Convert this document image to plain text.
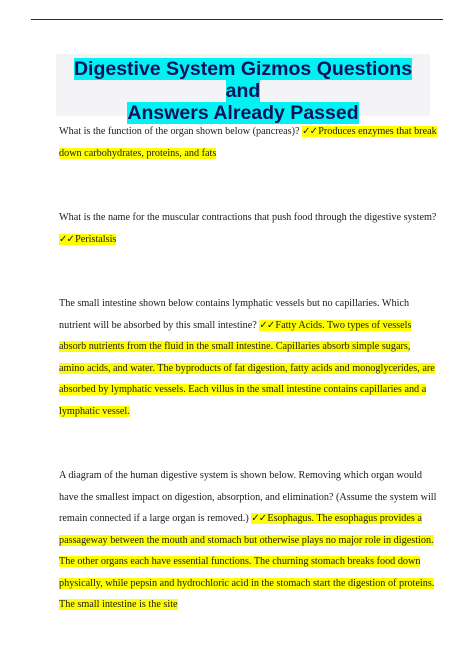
Digestive System Gizmos Questions and
Answers Already Passed

What is the function of the organ shown below (pancreas)? ✓✓Produces enzymes that break down carbohydrates, proteins, and fats

What is the name for the muscular contractions that push food through the digestive system? ✓✓Peristalsis

The small intestine shown below contains lymphatic vessels but no capillaries. Which nutrient will be absorbed by this small intestine? ✓✓Fatty Acids. Two types of vessels absorb nutrients from the fluid in the small intestine. Capillaries absorb simple sugars, amino acids, and water. The byproducts of fat digestion, fatty acids and monoglycerides, are absorbed by lymphatic vessels. Each villus in the small intestine contains capillaries and a lymphatic vessel.

A diagram of the human digestive system is shown below. Removing which organ would have the smallest impact on digestion, absorption, and elimination? (Assume the system will remain connected if a large organ is removed.) ✓✓Esophagus. The esophagus provides a passageway between the mouth and stomach but otherwise plays no major role in digestion. The other organs each have essential functions. The churning stomach breaks food down physically, while pepsin and hydrochloric acid in the stomach start the digestion of proteins. The small intestine is the site
